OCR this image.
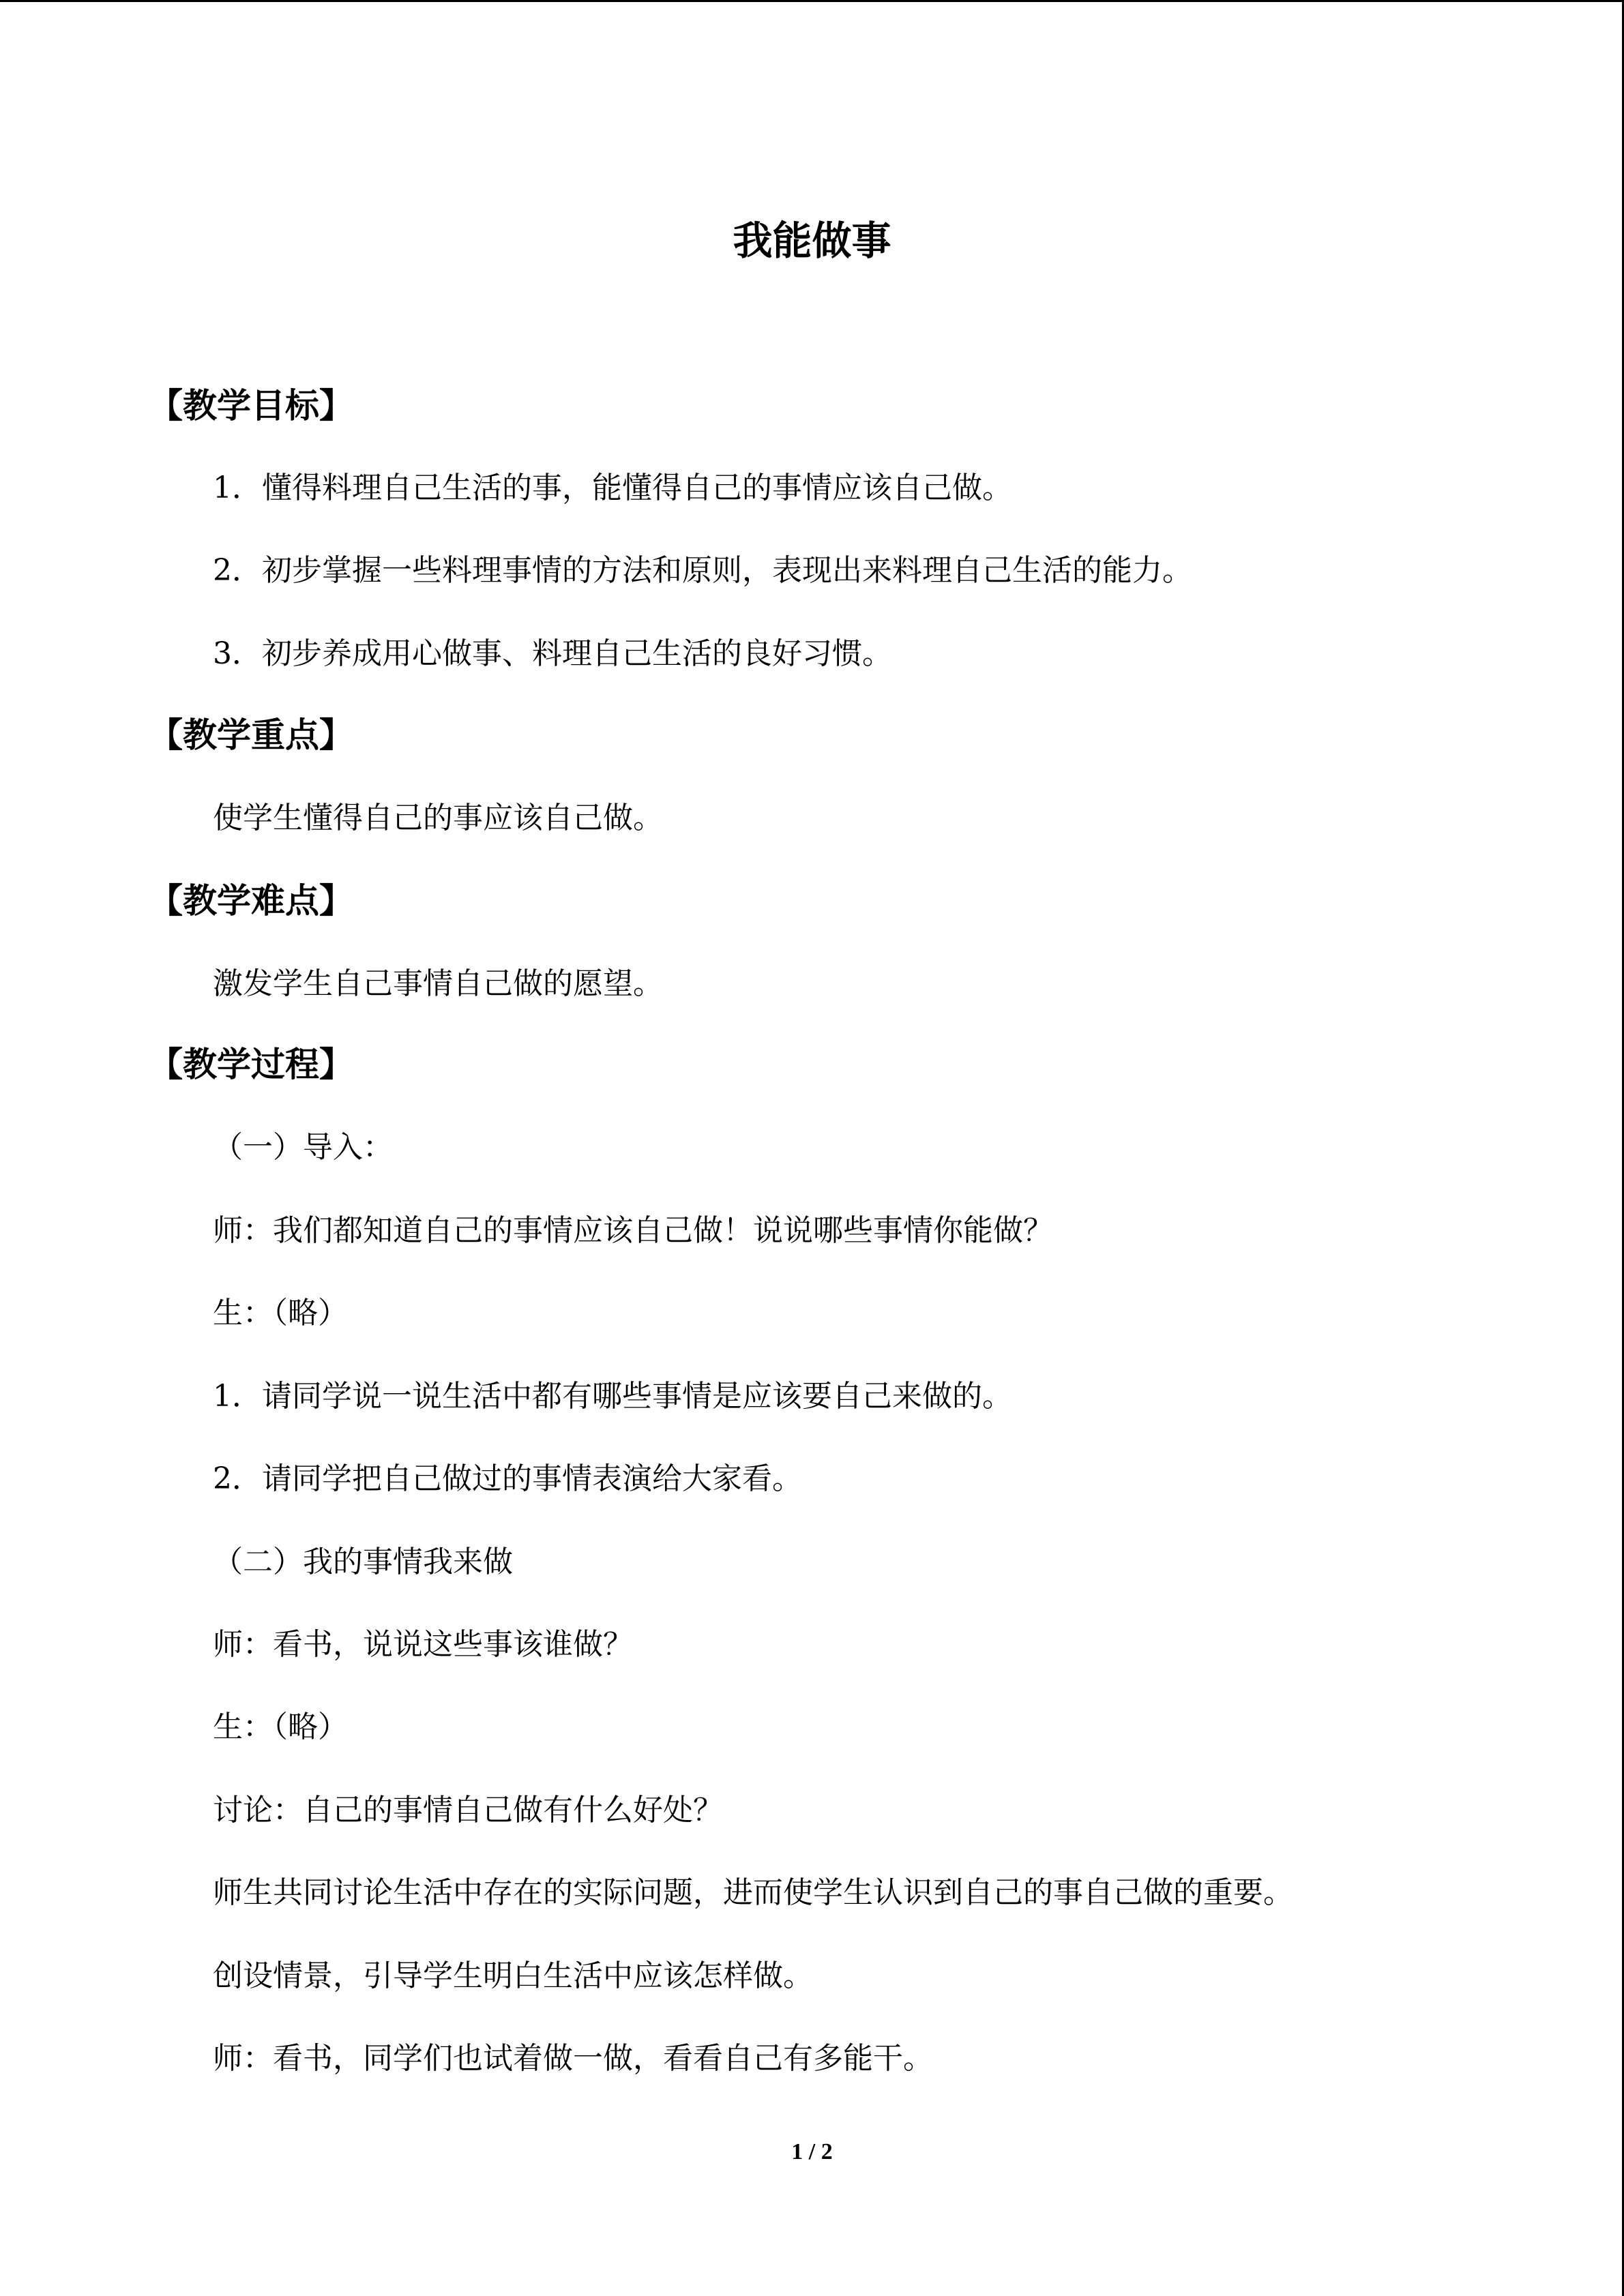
我能做事
【教学目标】
1．懂得料理自己生活的事，能懂得自己的事情应该自己做。
2．初步掌握一些料理事情的方法和原则，表现出来料理自己生活的能力。
3．初步养成用心做事、料理自己生活的良好习惯。
【教学重点】
使学生懂得自己的事应该自己做。
【教学难点】
激发学生自己事情自己做的愿望。
【教学过程】
（一）导入：
师：我们都知道自己的事情应该自己做！说说哪些事情你能做？
生：（略）
1．请同学说一说生活中都有哪些事情是应该要自己来做的。
2．请同学把自己做过的事情表演给大家看。
（二）我的事情我来做
师：看书，说说这些事该谁做？
生：（略）
讨论：自己的事情自己做有什么好处？
师生共同讨论生活中存在的实际问题，进而使学生认识到自己的事自己做的重要。
创设情景，引导学生明白生活中应该怎样做。
师：看书，同学们也试着做一做，看看自己有多能干。
1 / 2
